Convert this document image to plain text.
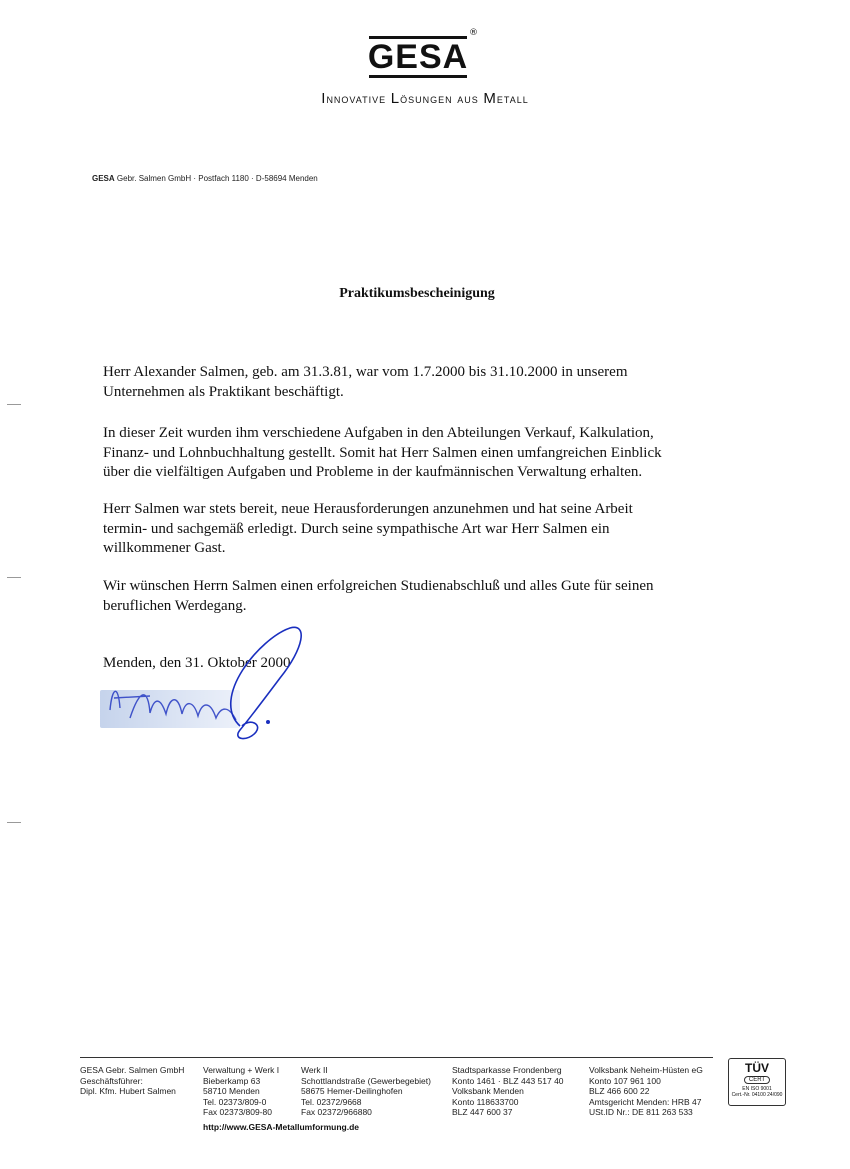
GESA
®
Innovative Lösungen aus Metall
GESA Gebr. Salmen GmbH · Postfach 1180 · D-58694 Menden
Praktikumsbescheinigung

Herr Alexander Salmen, geb. am 31.3.81, war vom 1.7.2000 bis 31.10.2000 in unserem

Unternehmen als Praktikant beschäftigt.

In dieser Zeit wurden ihm verschiedene Aufgaben in den Abteilungen Verkauf, Kalkulation,

Finanz- und Lohnbuchhaltung gestellt. Somit hat Herr Salmen einen umfangreichen Einblick

über die vielfältigen Aufgaben und Probleme in der kaufmännischen Verwaltung erhalten.

Herr Salmen war stets bereit, neue Herausforderungen anzunehmen und hat seine Arbeit

termin- und sachgemäß erledigt. Durch seine sympathische Art war Herr Salmen ein

willkommener Gast.

Wir wünschen Herrn Salmen einen erfolgreichen Studienabschluß und alles Gute für seinen

beruflichen Werdegang.

Menden, den 31. Oktober 2000
GESA Gebr. Salmen GmbH
Geschäftsführer:
Dipl. Kfm. Hubert Salmen
Verwaltung + Werk I
Bieberkamp 63
58710 Menden
Tel. 02373/809-0
Fax 02373/809-80
Werk II
Schottlandstraße (Gewerbegebiet)
58675 Hemer-Deilinghofen
Tel. 02372/9668
Fax 02372/966880
Stadtsparkasse Frondenberg
Konto 1461 · BLZ 443 517 40
Volksbank Menden
Konto 118633700
BLZ 447 600 37
Volksbank Neheim-Hüsten eG
Konto 107 961 100
BLZ 466 600 22
Amtsgericht Menden: HRB 47
USt.ID Nr.: DE 811 263 533
http://www.GESA-Metallumformung.de
TÜV
CERT
EN ISO 9001
Cert.-Nr. 04100 24/090
